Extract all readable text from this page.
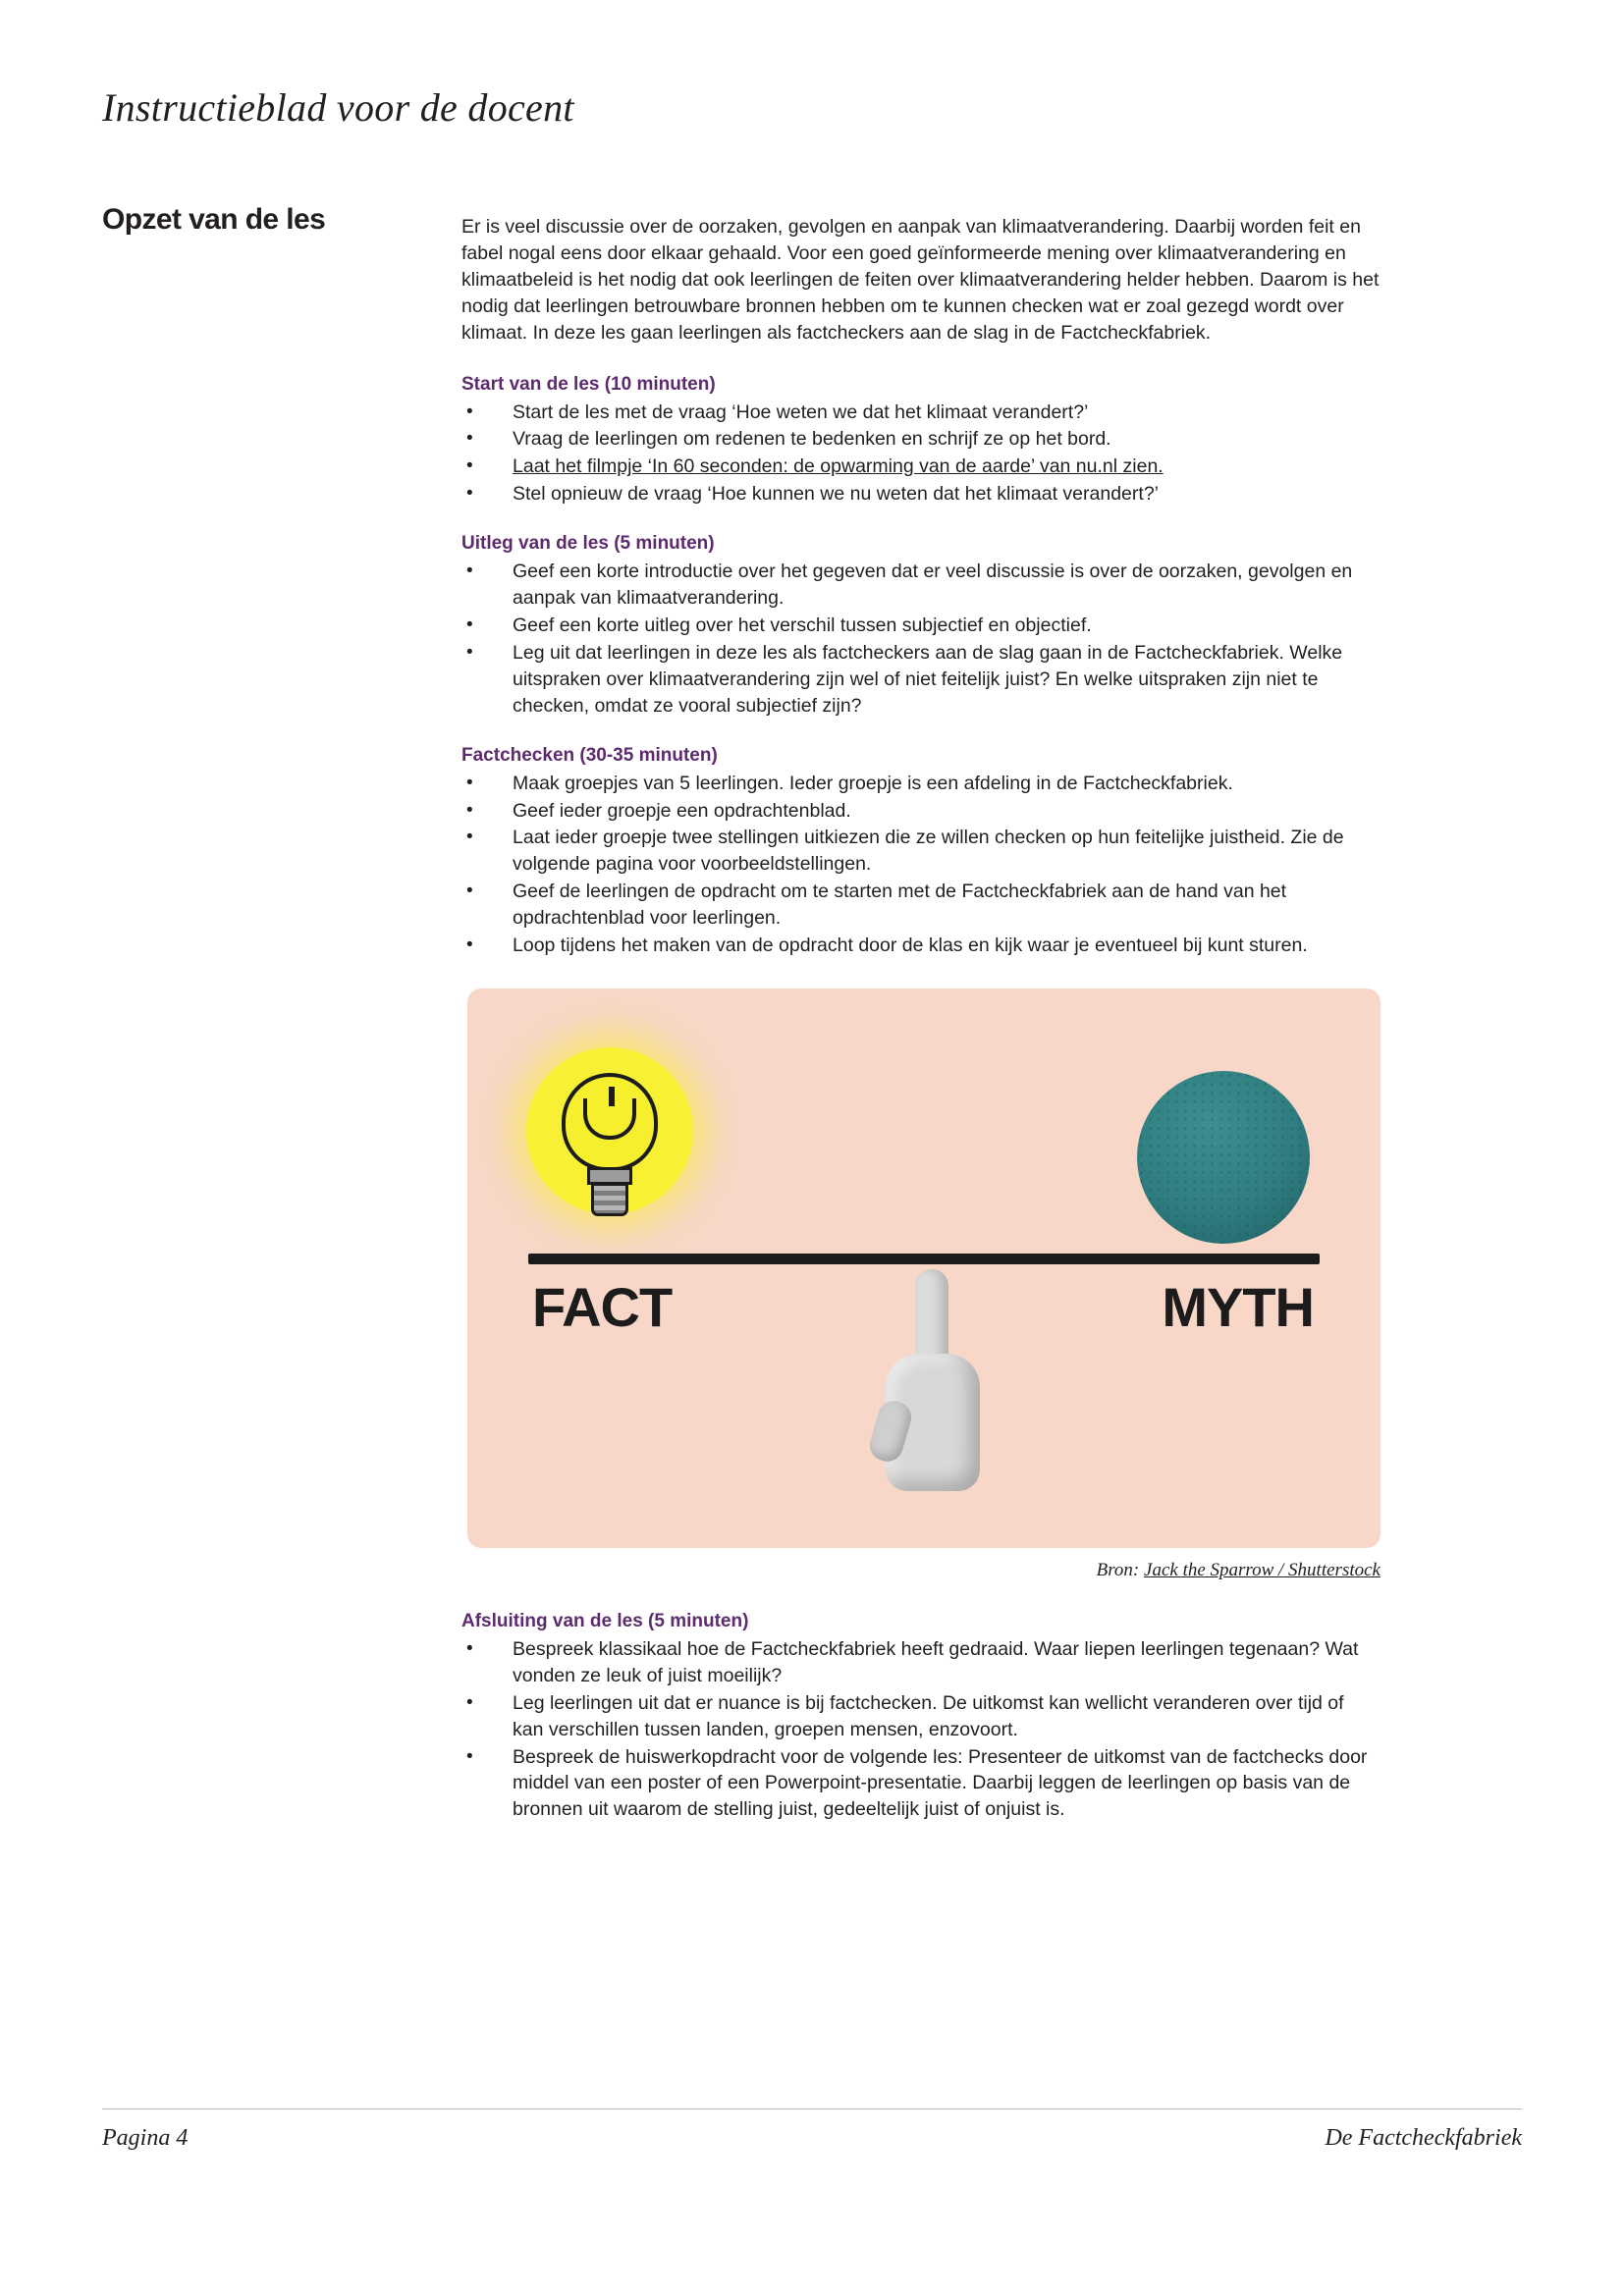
Instructieblad voor de docent
Opzet van de les	Er is veel discussie over de oorzaken, gevolgen en aanpak van klimaatverandering. Daarbij worden feit en fabel nogal eens door elkaar gehaald. Voor een goed geïnformeerde mening over klimaatverandering en klimaatbeleid is het nodig dat ook leerlingen de feiten over klimaatverandering helder hebben. Daarom is het nodig dat leerlingen betrouwbare bronnen hebben om te kunnen checken wat er zoal gezegd wordt over klimaat. In deze les gaan leerlingen als factcheckers aan de slag in de Factcheckfabriek.

Start van de les (10 minuten)
• Start de les met de vraag ‘Hoe weten we dat het klimaat verandert?’
• Vraag de leerlingen om redenen te bedenken en schrijf ze op het bord.
• Laat het filmpje ‘In 60 seconden: de opwarming van de aarde’ van nu.nl zien.
• Stel opnieuw de vraag ‘Hoe kunnen we nu weten dat het klimaat verandert?’
Uitleg van de les (5 minuten)
• Geef een korte introductie over het gegeven dat er veel discussie is over de oorzaken, gevolgen en aanpak van klimaatverandering.
• Geef een korte uitleg over het verschil tussen subjectief en objectief.
• Leg uit dat leerlingen in deze les als factcheckers aan de slag gaan in de Factcheckfabriek. Welke uitspraken over klimaatverandering zijn wel of niet feitelijk juist? En welke uitspraken zijn niet te checken, omdat ze vooral subjectief zijn?
Factchecken (30-35 minuten)
• Maak groepjes van 5 leerlingen. Ieder groepje is een afdeling in de Factcheckfabriek.
• Geef ieder groepje een opdrachtenblad.
• Laat ieder groepje twee stellingen uitkiezen die ze willen checken op hun feitelijke juistheid. Zie de volgende pagina voor voorbeeldstellingen.
• Geef de leerlingen de opdracht om te starten met de Factcheckfabriek aan de hand van het opdrachtenblad voor leerlingen.
• Loop tijdens het maken van de opdracht door de klas en kijk waar je eventueel bij kunt sturen.
FACT	MYTH
Bron: Jack the Sparrow / Shutterstock
Afsluiting van de les (5 minuten)
• Bespreek klassikaal hoe de Factcheckfabriek heeft gedraaid. Waar liepen leerlingen tegenaan? Wat vonden ze leuk of juist moeilijk?
• Leg leerlingen uit dat er nuance is bij factchecken. De uitkomst kan wellicht veranderen over tijd of kan verschillen tussen landen, groepen mensen, enzovoort.
• Bespreek de huiswerkopdracht voor de volgende les: Presenteer de uitkomst van de factchecks door middel van een poster of een Powerpoint-presentatie. Daarbij leggen de leerlingen op basis van de bronnen uit waarom de stelling juist, gedeeltelijk juist of onjuist is.
Pagina 4	De Factcheckfabriek
